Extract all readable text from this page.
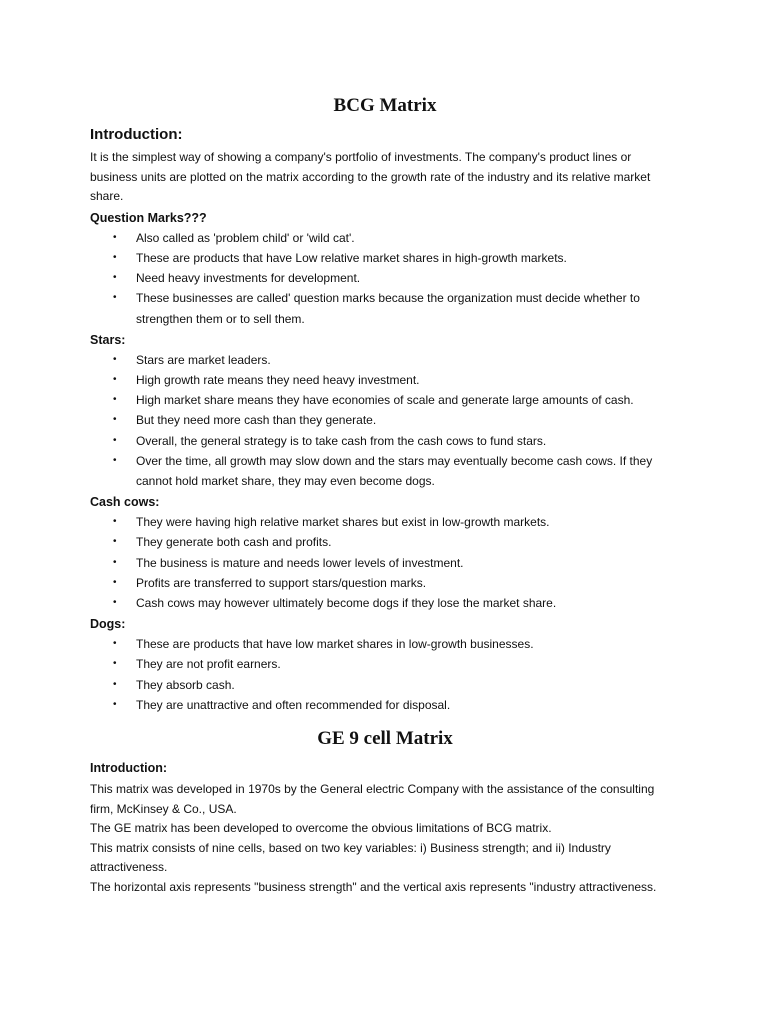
BCG Matrix
Introduction:

It is the simplest way of showing a company's portfolio of investments. The company's product lines or business units are plotted on the matrix according to the growth rate of the industry and its relative market share.

Question Marks???
• Also called as 'problem child' or 'wild cat'.
• These are products that have Low relative market shares in high-growth markets.
• Need heavy investments for development.
• These businesses are called' question marks because the organization must decide whether to strengthen them or to sell them.
Stars:
• Stars are market leaders.
• High growth rate means they need heavy investment.
• High market share means they have economies of scale and generate large amounts of cash.
• But they need more cash than they generate.
• Overall, the general strategy is to take cash from the cash cows to fund stars.
• Over the time, all growth may slow down and the stars may eventually become cash cows. If they cannot hold market share, they may even become dogs.
Cash cows:
• They were having high relative market shares but exist in low-growth markets.
• They generate both cash and profits.
• The business is mature and needs lower levels of investment.
• Profits are transferred to support stars/question marks.
• Cash cows may however ultimately become dogs if they lose the market share.
Dogs:
• These are products that have low market shares in low-growth businesses.
• They are not profit earners.
• They absorb cash.
• They are unattractive and often recommended for disposal.
GE 9 cell Matrix
Introduction:

This matrix was developed in 1970s by the General electric Company with the assistance of the consulting firm, McKinsey & Co., USA.

The GE matrix has been developed to overcome the obvious limitations of BCG matrix.

This matrix consists of nine cells, based on two key variables: i) Business strength; and ii) Industry attractiveness.

The horizontal axis represents "business strength" and the vertical axis represents "industry attractiveness.
